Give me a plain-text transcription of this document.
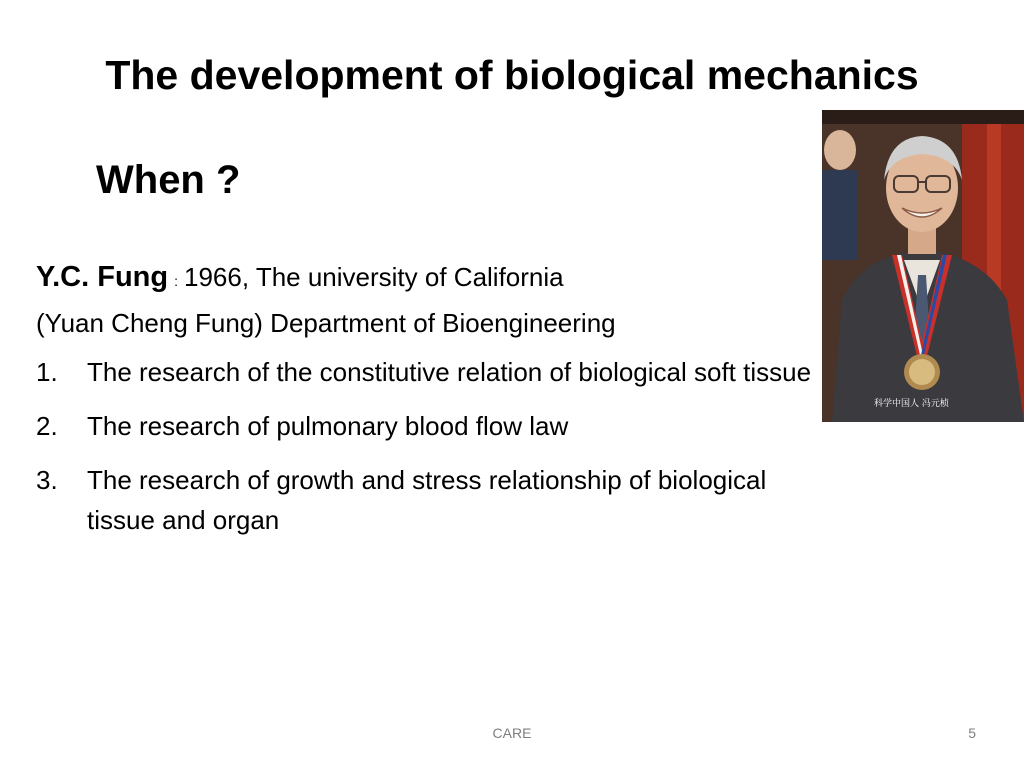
The development of biological mechanics
When ?
Y.C. Fung : 1966, The university of California
(Yuan Cheng Fung) Department of Bioengineering
1. The research of the constitutive relation of biological soft tissue
2. The research of pulmonary blood flow law
3. The research of growth and stress relationship of biological tissue and organ
科学中国人 冯元桢
CARE	5
